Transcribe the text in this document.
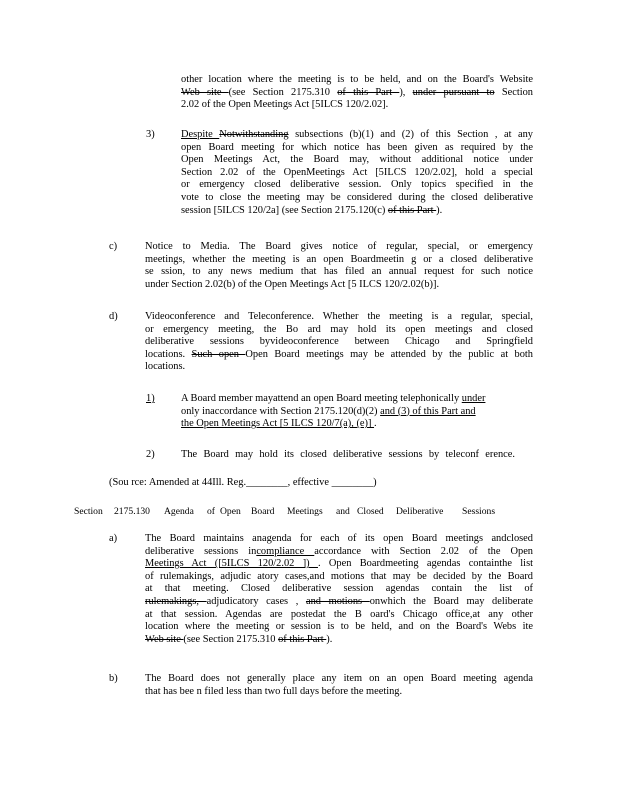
other location where the meeting is to be held, and on the Board's Website
Web site (see Section 2175.310 of this Part ), under pursuant to Section
2.02 of the Open Meetings Act [5ILCS 120/2.02].
3)	Despite Notwithstanding subsections (b)(1) and (2) of this Section , at any
open Board meeting for which notice has been given as required by the
Open Meetings Act, the Board may, without additional notice under
Section 2.02 of the OpenMeetings Act [5ILCS 120/2.02], hold a special
or emergency closed deliberative session. Only topics specified in the
vote to close the meeting may be considered during the closed deliberative
session [5ILCS 120/2a] (see Section 2175.120(c) of this Part ).
c)	Notice to Media. The Board gives notice of regular, special, or emergency
meetings, whether the meeting is an open Boardmeetin g or a closed deliberative
se ssion, to any news medium that has filed an annual request for such notice
under Section 2.02(b) of the Open Meetings Act [5 ILCS 120/2.02(b)].
d)	Videoconference and Teleconference. Whether the meeting is a regular, special,
or emergency meeting, the Bo ard may hold its open meetings and closed
deliberative sessions byvideoconference between Chicago and Springfield
locations. Such open Open Board meetings may be attended by the public at both
locations.
1)	A Board member mayattend an open Board meeting telephonically under
only inaccordance with Section 2175.120(d)(2) and (3) of this Part and
the Open Meetings Act [5 ILCS 120/7(a), (e)] .
2)	The Board may hold its closed deliberative sessions by teleconf erence.
(Sou rce: Amended at 44Ill. Reg.________, effective ________)
Section 2175.130 Agenda of Open Board Meetings and Closed Deliberative Sessions
a)	The Board maintains anagenda for each of its open Board meetings andclosed
deliberative sessions incompliance accordance with Section 2.02 of the Open
Meetings Act ([5ILCS 120/2.02 ]) . Open Boardmeeting agendas containthe list
of rulemakings, adjudic atory cases,and motions that may be decided by the Board
at that meeting. Closed deliberative session agendas contain the list of
rulemakings, adjudicatory cases , and motions onwhich the Board may deliberate
at that session. Agendas are postedat the B oard's Chicago office,at any other
location where the meeting or session is to be held, and on the Board's Webs ite
Web site (see Section 2175.310 of this Part ).
b)	The Board does not generally place any item on an open Board meeting agenda
that has bee n filed less than two full days before the meeting.
